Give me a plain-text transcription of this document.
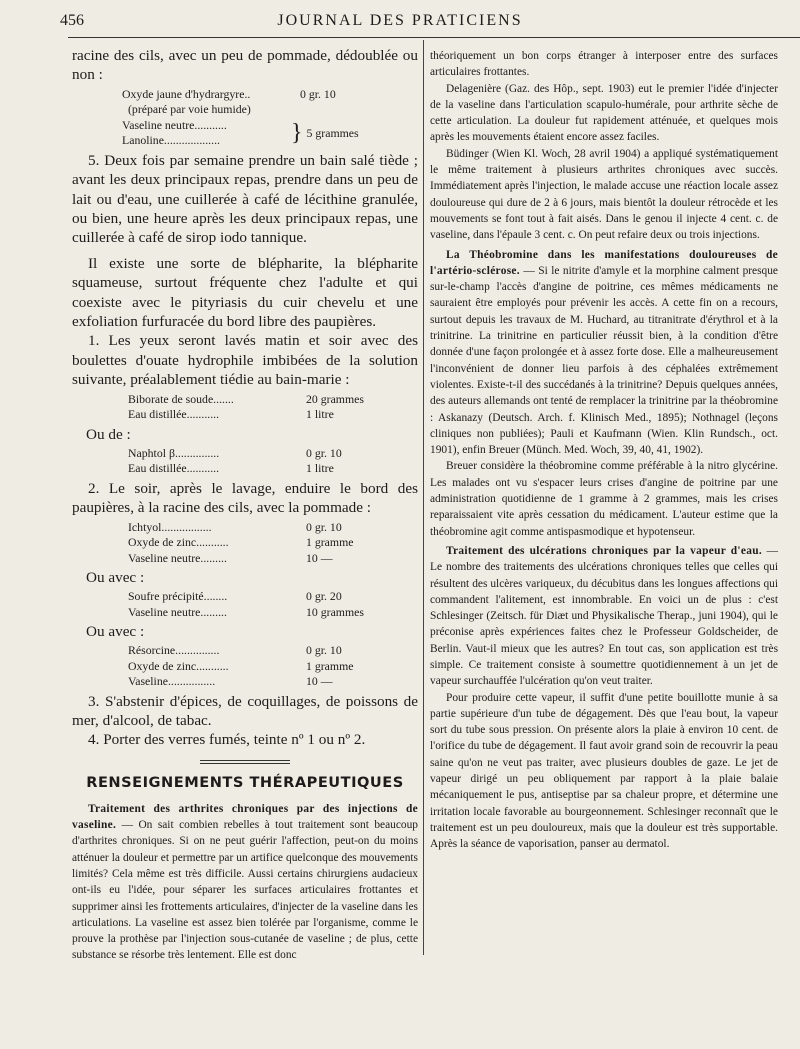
456	JOURNAL DES PRATICIENS

racine des cils, avec un peu de pommade, dédoublée ou non :

Oxyde jaune d'hydrargyre..	0 gr. 10
(préparé par voie humide)
Vaseline neutre...........
Lanoline...................	} 5 grammes

5. Deux fois par semaine prendre un bain salé tiède ; avant les deux principaux repas, prendre dans un peu de lait ou d'eau, une cuillerée à café de lécithine granulée, ou bien, une heure après les deux principaux repas, une cuillerée à café de sirop iodo tannique.

Il existe une sorte de blépharite, la blépharite squameuse, surtout fréquente chez l'adulte et qui coexiste avec le pityriasis du cuir chevelu et une exfoliation furfuracée du bord libre des paupières.

1. Les yeux seront lavés matin et soir avec des boulettes d'ouate hydrophile imbibées de la solution suivante, préalablement tiédie au bain-marie :

Biborate de soude.......	20 grammes
Eau distillée...........	1 litre
Ou de :
Naphtol β...............	0 gr. 10
Eau distillée...........	1 litre

2. Le soir, après le lavage, enduire le bord des paupières, à la racine des cils, avec la pommade :

Ichtyol.................	0 gr. 10
Oxyde de zinc...........	1 gramme
Vaseline neutre.........	10 —
Ou avec :
Soufre précipité........	0 gr. 20
Vaseline neutre.........	10 grammes
Ou avec :
Résorcine...............	0 gr. 10
Oxyde de zinc...........	1 gramme
Vaseline................	10 —

3. S'abstenir d'épices, de coquillages, de poissons de mer, d'alcool, de tabac.

4. Porter des verres fumés, teinte nº 1 ou nº 2.

RENSEIGNEMENTS THÉRAPEUTIQUES

Traitement des arthrites chroniques par des injections de vaseline. — On sait combien rebelles à tout traitement sont beaucoup d'arthrites chroniques. Si on ne peut guérir l'affection, peut-on du moins atténuer la douleur et permettre par un artifice quelconque des mouvements limités? Cela même est très difficile. Aussi certains chirurgiens audacieux ont-ils eu l'idée, pour séparer les surfaces articulaires frottantes et supprimer ainsi les frottements articulaires, d'injecter de la vaseline dans les articulations. La vaseline est assez bien tolérée par l'organisme, comme le prouve la prothèse par l'injection sous-cutanée de vaseline ; de plus, cette substance se résorbe très lentement. Elle est donc

théoriquement un bon corps étranger à interposer entre des surfaces articulaires frottantes.

Delagenière (Gaz. des Hôp., sept. 1903) eut le premier l'idée d'injecter de la vaseline dans l'articulation scapulo-humérale, pour arthrite sèche de cette articulation. La douleur fut rapidement atténuée, et quelques mois après les mouvements étaient encore assez faciles.

Büdinger (Wien Kl. Woch, 28 avril 1904) a appliqué systématiquement le même traitement à plusieurs arthrites chroniques avec succès. Immédiatement après l'injection, le malade accuse une réaction locale assez douloureuse qui dure de 2 à 6 jours, mais bientôt la douleur rétrocède et les mouvements se font tout à fait aisés. Dans le genou il injecte 4 cent. c. de vaseline, dans l'épaule 3 cent. c. On peut refaire deux ou trois injections.

La Théobromine dans les manifestations douloureuses de l'artério-sclérose. — Si le nitrite d'amyle et la morphine calment presque sur-le-champ l'accès d'angine de poitrine, ces mêmes médicaments ne sauraient être employés pour prévenir les accès. A cette fin on a recours, surtout depuis les travaux de M. Huchard, au titranitrate d'érythrol et à la trinitrine. La trinitrine en particulier réussit bien, à la condition d'être donnée d'une façon prolongée et à assez forte dose. Elle a malheureusement l'inconvénient de donner lieu parfois à des céphalées extrêmement violentes. Existe-t-il des succédanés à la trinitrine? Depuis quelques années, des auteurs allemands ont tenté de remplacer la trinitrine par la théobromine : Askanazy (Deutsch. Arch. f. Klinisch Med., 1895); Nothnagel (leçons cliniques non publiées); Pauli et Kaufmann (Wien. Klin Rundsch., oct. 1901), enfin Breuer (Münch. Med. Woch, 39, 40, 41, 1902).

Breuer considère la théobromine comme préférable à la nitro glycérine. Les malades ont vu s'espacer leurs crises d'angine de poitrine par une administration quotidienne de 1 gramme à 2 grammes, mais les crises reparaissaient vite après cessation du médicament. L'auteur estime que la théobromine agit comme antispasmodique et hypotenseur.

Traitement des ulcérations chroniques par la vapeur d'eau. — Le nombre des traitements des ulcérations chroniques telles que celles qui résultent des ulcères variqueux, du décubitus dans les longues affections qui commandent l'alitement, est innombrable. En voici un de plus : c'est Schlesinger (Zeitsch. für Diæt und Physikalische Therap., juni 1904), qui le préconise après expériences faites chez le Professeur Goldscheider, de Berlin. Vaut-il mieux que les autres? En tout cas, son application est très simple. Ce traitement consiste à soumettre quotidiennement à un jet de vapeur surchauffée l'ulcération qu'on veut traiter.

Pour produire cette vapeur, il suffit d'une petite bouillotte munie à sa partie supérieure d'un tube de dégagement. Dès que l'eau bout, la vapeur sort du tube sous pression. On présente alors la plaie à environ 10 cent. de l'orifice du tube de dégagement. Il faut avoir grand soin de recouvrir la peau saine qu'on ne veut pas traiter, avec plusieurs doubles de gaze. Le jet de vapeur dirigé un peu obliquement par rapport à la plaie balaie mécaniquement le pus, antiseptise par sa chaleur propre, et détermine une irritation locale favorable au bourgeonnement. Schlesinger reconnaît que le traitement est un peu douloureux, mais que la douleur est très supportable. Après la séance de vaporisation, panser au dermatol.
